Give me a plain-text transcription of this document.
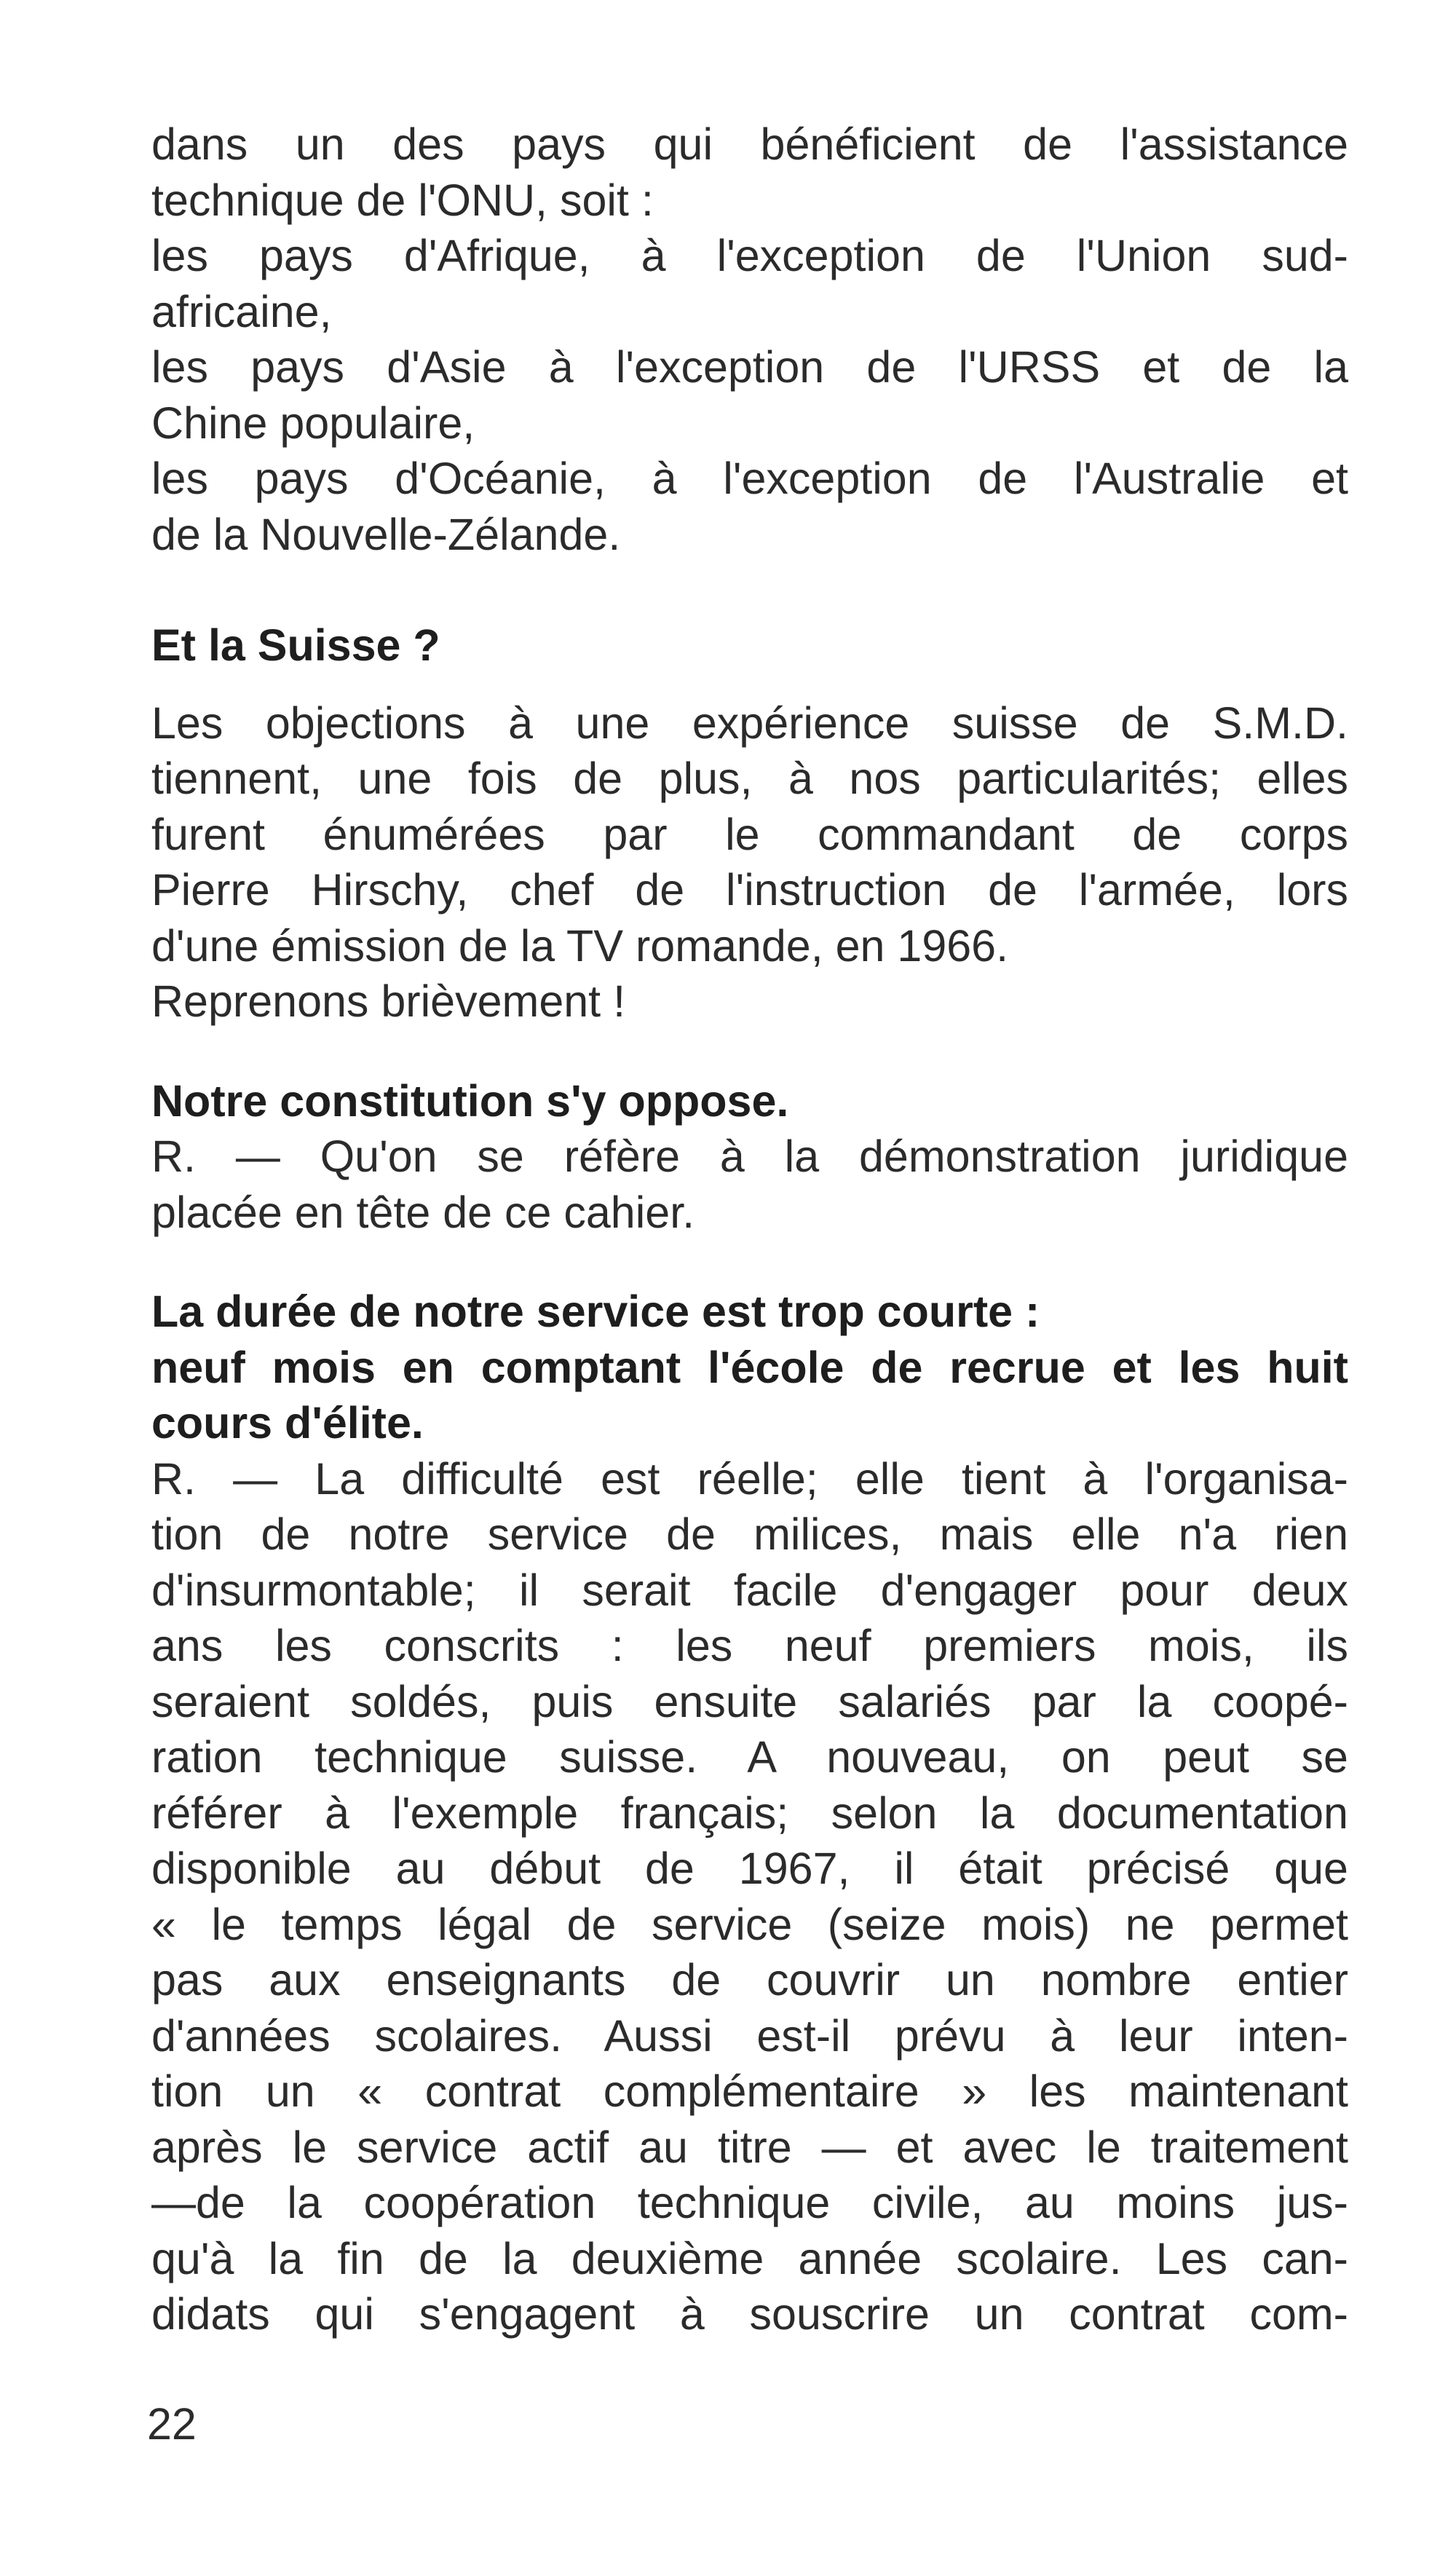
dans un des pays qui bénéficient de l'assistance
technique de l'ONU, soit :
les pays d'Afrique, à l'exception de l'Union sud-
africaine,
les pays d'Asie à l'exception de l'URSS et de la
Chine populaire,
les pays d'Océanie, à l'exception de l'Australie et
de la Nouvelle-Zélande.
Et la Suisse ?
Les objections à une expérience suisse de S.M.D.
tiennent, une fois de plus, à nos particularités; elles
furent énumérées par le commandant de corps
Pierre Hirschy, chef de l'instruction de l'armée, lors
d'une émission de la TV romande, en 1966.
Reprenons brièvement !
Notre constitution s'y oppose.
R. — Qu'on se réfère à la démonstration juridique
placée en tête de ce cahier.
La durée de notre service est trop courte :
neuf mois en comptant l'école de recrue et les huit
cours d'élite.
R. — La difficulté est réelle; elle tient à l'organisa-
tion de notre service de milices, mais elle n'a rien
d'insurmontable; il serait facile d'engager pour deux
ans les conscrits : les neuf premiers mois, ils
seraient soldés, puis ensuite salariés par la coopé-
ration technique suisse. A nouveau, on peut se
référer à l'exemple français; selon la documentation
disponible au début de 1967, il était précisé que
« le temps légal de service (seize mois) ne permet
pas aux enseignants de couvrir un nombre entier
d'années scolaires. Aussi est-il prévu à leur inten-
tion un « contrat complémentaire » les maintenant
après le service actif au titre — et avec le traitement
—de la coopération technique civile, au moins jus-
qu'à la fin de la deuxième année scolaire. Les can-
didats qui s'engagent à souscrire un contrat com-
22
